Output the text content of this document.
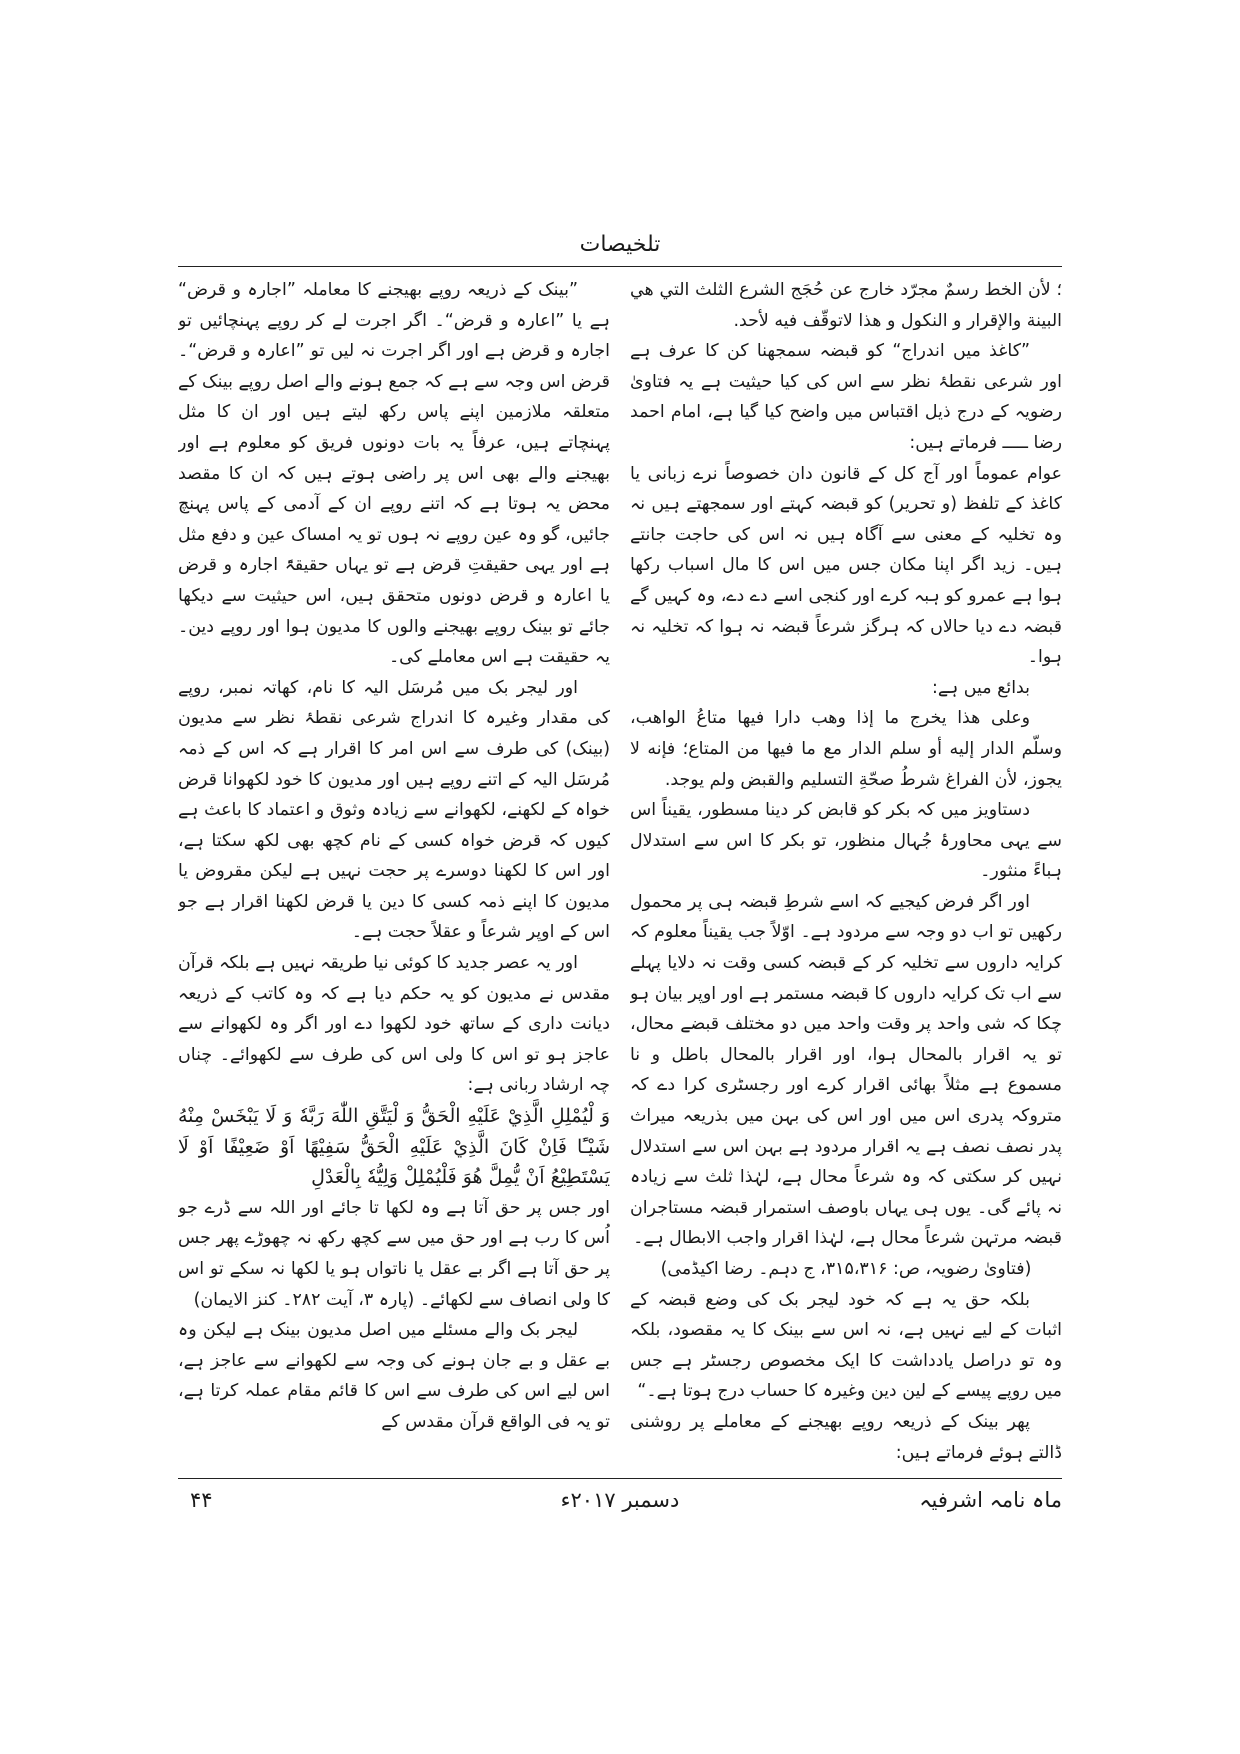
تلخیصات

؛ لأن الخط رسمٌ مجرّد خارج عن حُجَج الشرع الثلث التي هي البينة والإقرار و النكول و هذا لاتوقّف فيه لأحد.

”کاغذ میں اندراج“ کو قبضہ سمجھنا کن کا عرف ہے اور شرعی نقطۂ نظر سے اس کی کیا حیثیت ہے یہ فتاویٰ رضویہ کے درج ذیل اقتباس میں واضح کیا گیا ہے، امام احمد رضا ـــــ فرماتے ہیں:

عوام عموماً اور آج کل کے قانون دان خصوصاً نرے زبانی یا کاغذ کے تلفظ (و تحریر) کو قبضہ کہتے اور سمجھتے ہیں نہ وہ تخلیہ کے معنی سے آگاہ ہیں نہ اس کی حاجت جانتے ہیں۔ زید اگر اپنا مکان جس میں اس کا مال اسباب رکھا ہوا ہے عمرو کو ہبہ کرے اور کنجی اسے دے دے، وہ کہیں گے قبضہ دے دیا حالاں کہ ہرگز شرعاً قبضہ نہ ہوا کہ تخلیہ نہ ہوا۔

بدائع میں ہے:

وعلی هذا يخرج ما إذا وهب دارا فيها متاعُ الواهب، وسلّم الدار إليه أو سلم الدار مع ما فيها من المتاع؛ فإنه لا يجوز، لأن الفراغ شرطُ صحّةِ التسليم والقبض ولم يوجد.

دستاویز میں کہ بکر کو قابض کر دینا مسطور، یقیناً اس سے یہی محاورۂ جُہال منظور، تو بکر کا اس سے استدلال ہباءً منثور۔

اور اگر فرض کیجیے کہ اسے شرطِ قبضہ ہی پر محمول رکھیں تو اب دو وجہ سے مردود ہے۔ اوّلاً جب یقیناً معلوم کہ کرایہ داروں سے تخلیہ کر کے قبضہ کسی وقت نہ دلایا پہلے سے اب تک کرایہ داروں کا قبضہ مستمر ہے اور اوپر بیان ہو چکا کہ شی واحد پر وقت واحد میں دو مختلف قبضے محال، تو یہ اقرار بالمحال ہوا، اور اقرار بالمحال باطل و نا مسموع ہے مثلاً بھائی اقرار کرے اور رجسٹری کرا دے کہ متروکہ پدری اس میں اور اس کی بہن میں بذریعہ میراث پدر نصف نصف ہے یہ اقرار مردود ہے بہن اس سے استدلال نہیں کر سکتی کہ وہ شرعاً محال ہے، لہٰذا ثلث سے زیادہ نہ پائے گی۔ یوں ہی یہاں باوصف استمرار قبضہ مستاجران قبضہ مرتہن شرعاً محال ہے، لہٰذا اقرار واجب الابطال ہے۔

(فتاویٰ رضویہ، ص: ۳۱۵،۳۱۶، ج دہم۔ رضا اکیڈمی)

بلکہ حق یہ ہے کہ خود لیجر بک کی وضع قبضہ کے اثبات کے لیے نہیں ہے، نہ اس سے بینک کا یہ مقصود، بلکہ وہ تو دراصل یادداشت کا ایک مخصوص رجسٹر ہے جس میں روپے پیسے کے لین دین وغیرہ کا حساب درج ہوتا ہے۔“

پھر بینک کے ذریعہ روپے بھیجنے کے معاملے پر روشنی ڈالتے ہوئے فرماتے ہیں:

”بینک کے ذریعہ روپے بھیجنے کا معاملہ ”اجارہ و قرض“ ہے یا ”اعارہ و قرض“۔ اگر اجرت لے کر روپے پہنچائیں تو اجارہ و قرض ہے اور اگر اجرت نہ لیں تو ”اعارہ و قرض“۔ قرض اس وجہ سے ہے کہ جمع ہونے والے اصل روپے بینک کے متعلقہ ملازمین اپنے پاس رکھ لیتے ہیں اور ان کا مثل پہنچاتے ہیں، عرفاً یہ بات دونوں فریق کو معلوم ہے اور بھیجنے والے بھی اس پر راضی ہوتے ہیں کہ ان کا مقصد محض یہ ہوتا ہے کہ اتنے روپے ان کے آدمی کے پاس پہنچ جائیں، گو وہ عین روپے نہ ہوں تو یہ امساک عین و دفع مثل ہے اور یہی حقیقتِ قرض ہے تو یہاں حقیقۃً اجارہ و قرض یا اعارہ و قرض دونوں متحقق ہیں، اس حیثیت سے دیکھا جائے تو بینک روپے بھیجنے والوں کا مدیون ہوا اور روپے دین۔ یہ حقیقت ہے اس معاملے کی۔

اور لیجر بک میں مُرسَل الیہ کا نام، کھاتہ نمبر، روپے کی مقدار وغیرہ کا اندراج شرعی نقطۂ نظر سے مدیون (بینک) کی طرف سے اس امر کا اقرار ہے کہ اس کے ذمہ مُرسَل الیہ کے اتنے روپے ہیں اور مدیون کا خود لکھوانا قرض خواہ کے لکھنے، لکھوانے سے زیادہ وثوق و اعتماد کا باعث ہے کیوں کہ قرض خواہ کسی کے نام کچھ بھی لکھ سکتا ہے، اور اس کا لکھنا دوسرے پر حجت نہیں ہے لیکن مقروض یا مدیون کا اپنے ذمہ کسی کا دین یا قرض لکھنا اقرار ہے جو اس کے اوپر شرعاً و عقلاً حجت ہے۔

اور یہ عصر جدید کا کوئی نیا طریقہ نہیں ہے بلکہ قرآن مقدس نے مدیون کو یہ حکم دیا ہے کہ وہ کاتب کے ذریعہ دیانت داری کے ساتھ خود لکھوا دے اور اگر وہ لکھوانے سے عاجز ہو تو اس کا ولی اس کی طرف سے لکھوائے۔ چناں چہ ارشاد ربانی ہے:

وَ لْيُمْلِلِ الَّذِيْ عَلَيْهِ الْحَقُّ وَ لْيَتَّقِ اللّٰهَ رَبَّهٗ وَ لَا يَبْخَسْ مِنْهُ شَيْـًٔا فَاِنْ كَانَ الَّذِيْ عَلَيْهِ الْحَقُّ سَفِيْهًا اَوْ ضَعِيْفًا اَوْ لَا يَسْتَطِيْعُ اَنْ يُّمِلَّ هُوَ فَلْيُمْلِلْ وَلِيُّهٗ بِالْعَدْلِ

اور جس پر حق آتا ہے وہ لکھا تا جائے اور اللہ سے ڈرے جو اُس کا رب ہے اور حق میں سے کچھ رکھ نہ چھوڑے پھر جس پر حق آتا ہے اگر بے عقل یا ناتواں ہو یا لکھا نہ سکے تو اس کا ولی انصاف سے لکھائے۔ (پارہ ۳، آیت ۲۸۲۔ کنز الایمان)

لیجر بک والے مسئلے میں اصل مدیون بینک ہے لیکن وہ بے عقل و بے جان ہونے کی وجہ سے لکھوانے سے عاجز ہے، اس لیے اس کی طرف سے اس کا قائم مقام عملہ کرتا ہے، تو یہ فی الواقع قرآن مقدس کے

۴۴	دسمبر ۲۰۱۷ء	ماہ نامہ اشرفیہ
